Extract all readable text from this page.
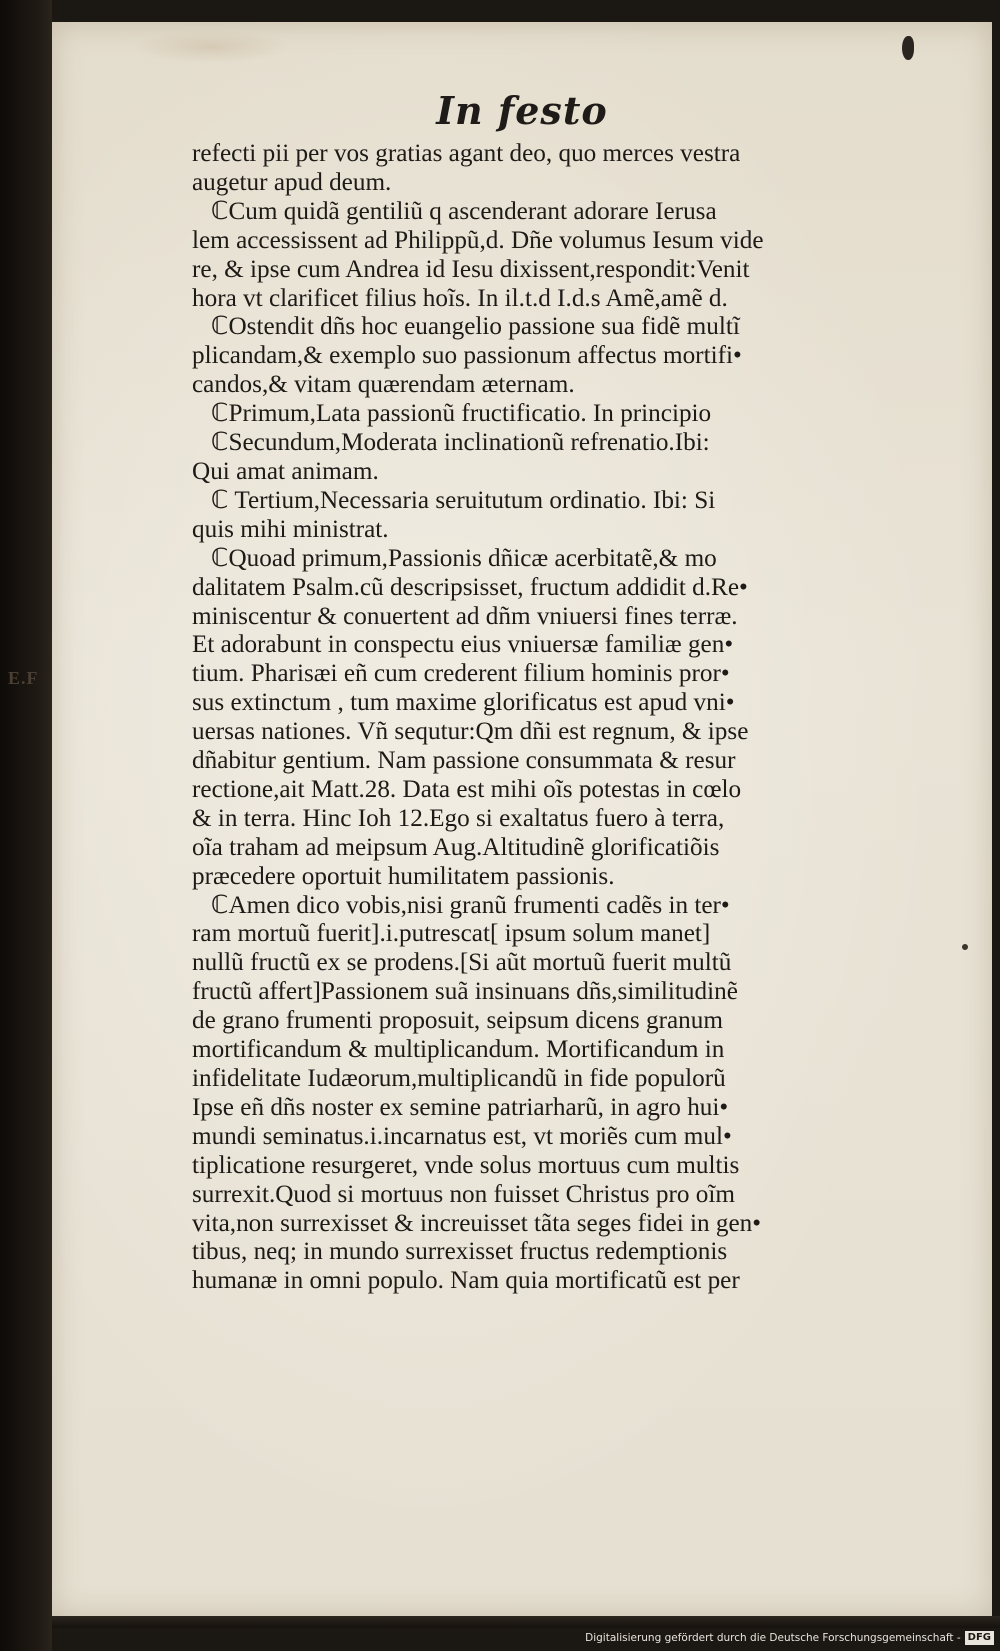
E.F
In festo
refecti pii per vos gratias agant deo, quo merces vestra
augetur apud deum.
ℂCum quidã gentiliũ q ascenderant adorare Ierusa
lem accessissent ad Philippũ,d. Dñe volumus Iesum vide
re, & ipse cum Andrea id Iesu dixissent,respondit:Venit
hora vt clarificet filius hoĩs. In il.t.d I.d.s Amẽ,amẽ d.
ℂOstendit dñs hoc euangelio passione sua fidẽ multĩ
plicandam,& exemplo suo passionum affectus mortifi•
candos,& vitam quærendam æternam.
ℂPrimum,Lata passionũ fructificatio. In principio
ℂSecundum,Moderata inclinationũ refrenatio.Ibi:
Qui amat animam.
ℂ Tertium,Necessaria seruitutum ordinatio. Ibi: Si
quis mihi ministrat.
ℂQuoad primum,Passionis dñicæ acerbitatẽ,& mo
dalitatem Psalm.cũ descripsisset, fructum addidit d.Re•
miniscentur & conuertent ad dñm vniuersi fines terræ.
Et adorabunt in conspectu eius vniuersæ familiæ gen•
tium. Pharisæi eñ cum crederent filium hominis pror•
sus extinctum , tum maxime glorificatus est apud vni•
uersas nationes. Vñ sequtur:Qm dñi est regnum, & ipse
dñabitur gentium. Nam passione consummata & resur
rectione,ait Matt.28. Data est mihi oĩs potestas in cœlo
& in terra. Hinc Ioh 12.Ego si exaltatus fuero à terra,
oĩa traham ad meipsum Aug.Altitudinẽ glorificatiõis
præcedere oportuit humilitatem passionis.
ℂAmen dico vobis,nisi granũ frumenti cadẽs in ter•
ram mortuũ fuerit].i.putrescat[ ipsum solum manet]
nullũ fructũ ex se prodens.[Si aũt mortuũ fuerit multũ
fructũ affert]Passionem suã insinuans dñs,similitudinẽ
de grano frumenti proposuit, seipsum dicens granum
mortificandum & multiplicandum. Mortificandum in
infidelitate Iudæorum,multiplicandũ in fide populorũ
Ipse eñ dñs noster ex semine patriarharũ, in agro hui•
mundi seminatus.i.incarnatus est, vt moriẽs cum mul•
tiplicatione resurgeret, vnde solus mortuus cum multis
surrexit.Quod si mortuus non fuisset Christus pro oĩm
vita,non surrexisset & increuisset tãta seges fidei in gen•
tibus, neq; in mundo surrexisset fructus redemptionis
humanæ in omni populo. Nam quia mortificatũ est per
Digitalisierung gefördert durch die Deutsche Forschungsgemeinschaft - DFG
